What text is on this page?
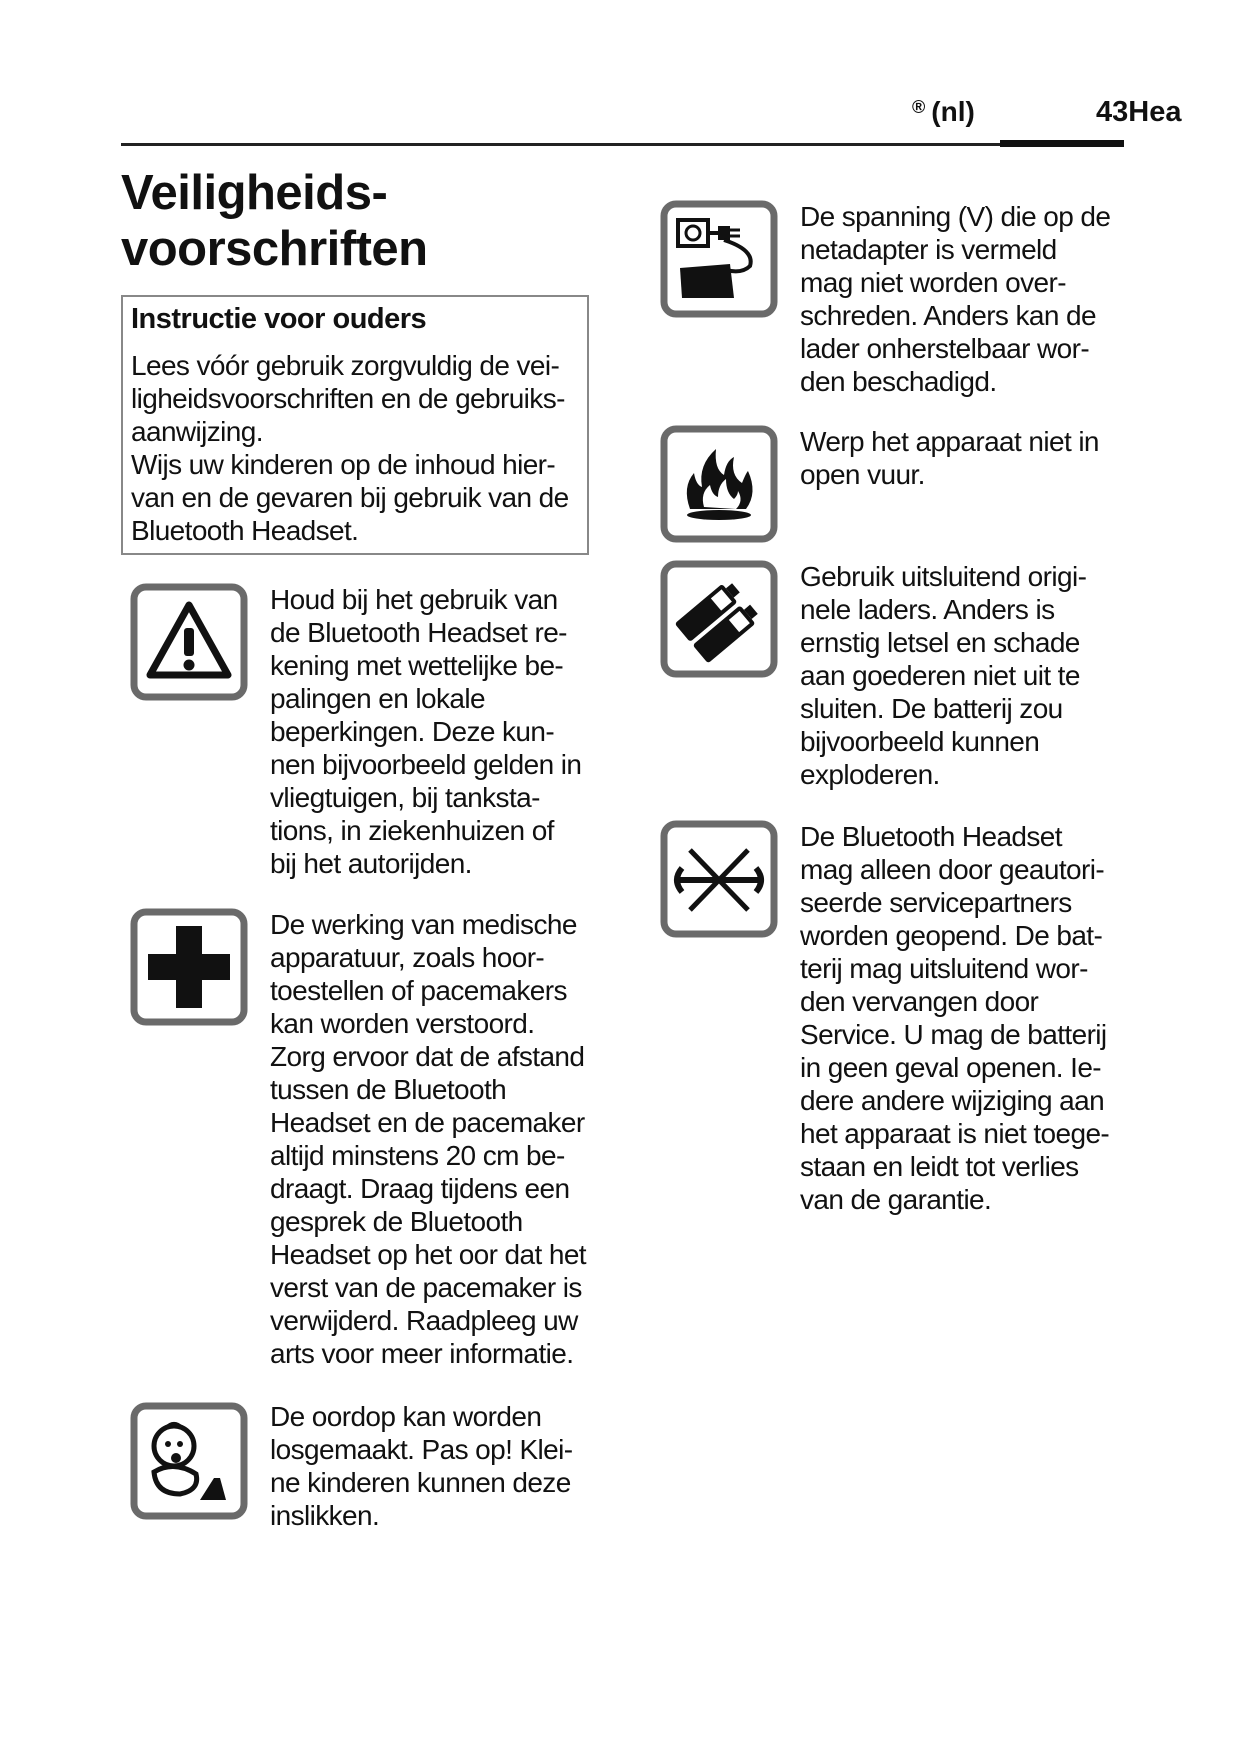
® (nl)	43Hea
Veiligheids-
voorschriften
Instructie voor ouders
Lees vóór gebruik zorgvuldig de vei-
ligheidsvoorschriften en de gebruiks-
aanwijzing.
Wijs uw kinderen op de inhoud hier-
van en de gevaren bij gebruik van de
Bluetooth Headset.
Houd bij het gebruik van
de Bluetooth Headset re-
kening met wettelijke be-
palingen en lokale
beperkingen. Deze kun-
nen bijvoorbeeld gelden in
vliegtuigen, bij tanksta-
tions, in ziekenhuizen of
bij het autorijden.
De werking van medische
apparatuur, zoals hoor-
toestellen of pacemakers
kan worden verstoord.
Zorg ervoor dat de afstand
tussen de Bluetooth
Headset en de pacemaker
altijd minstens 20 cm be-
draagt. Draag tijdens een
gesprek de Bluetooth
Headset op het oor dat het
verst van de pacemaker is
verwijderd. Raadpleeg uw
arts voor meer informatie.
De oordop kan worden
losgemaakt. Pas op! Klei-
ne kinderen kunnen deze
inslikken.
De spanning (V) die op de
netadapter is vermeld
mag niet worden over-
schreden. Anders kan de
lader onherstelbaar wor-
den beschadigd.
Werp het apparaat niet in
open vuur.
Gebruik uitsluitend origi-
nele laders. Anders is
ernstig letsel en schade
aan goederen niet uit te
sluiten. De batterij zou
bijvoorbeeld kunnen
exploderen.
De Bluetooth Headset
mag alleen door geautori-
seerde servicepartners
worden geopend. De bat-
terij mag uitsluitend wor-
den vervangen door
Service. U mag de batterij
in geen geval openen. Ie-
dere andere wijziging aan
het apparaat is niet toege-
staan en leidt tot verlies
van de garantie.
